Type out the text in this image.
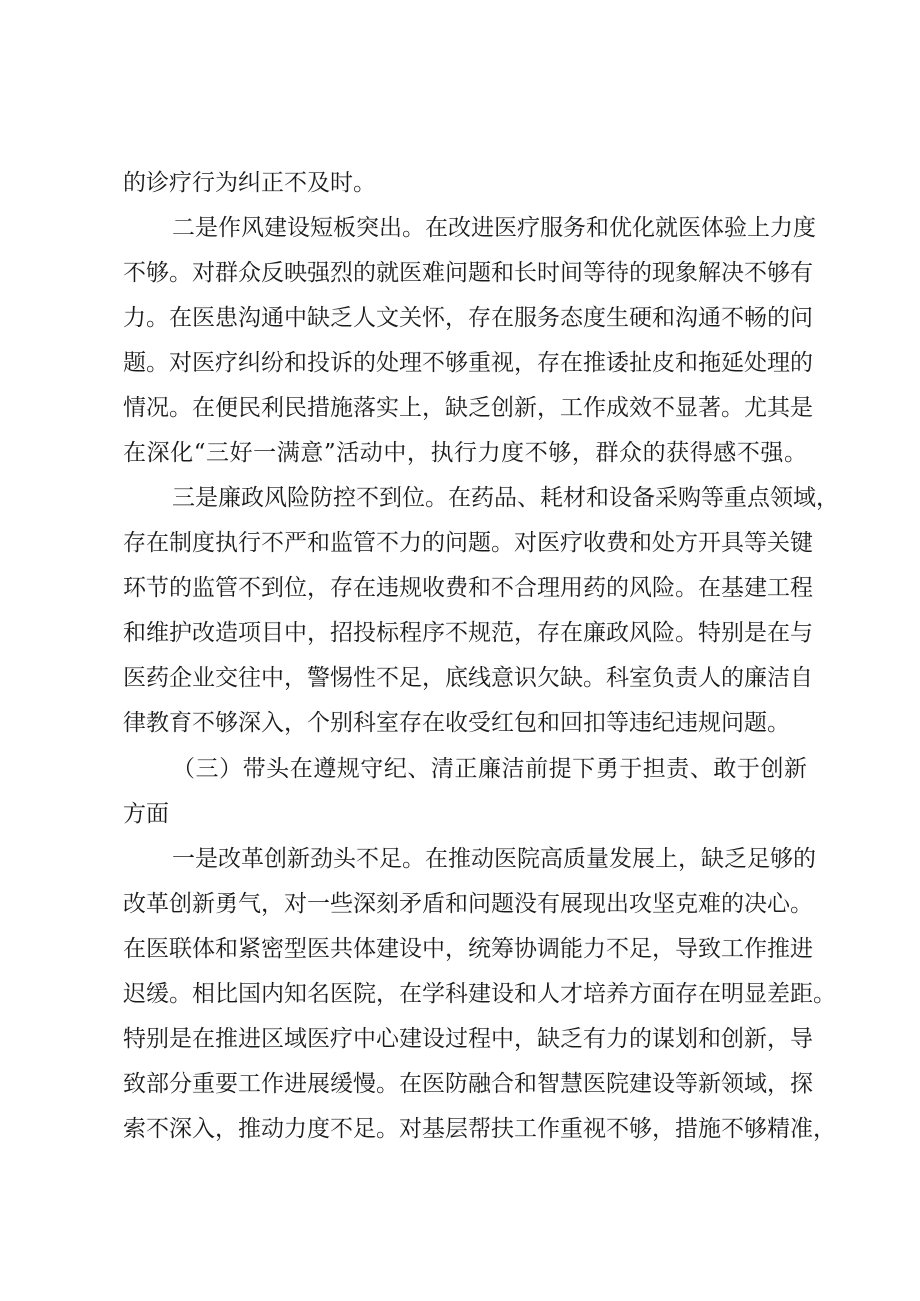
的诊疗行为纠正不及时。
二是作风建设短板突出。在改进医疗服务和优化就医体验上力度
不够。对群众反映强烈的就医难问题和长时间等待的现象解决不够有
力。在医患沟通中缺乏人文关怀，存在服务态度生硬和沟通不畅的问
题。对医疗纠纷和投诉的处理不够重视，存在推诿扯皮和拖延处理的
情况。在便民利民措施落实上，缺乏创新，工作成效不显著。尤其是
在深化“三好一满意”活动中，执行力度不够，群众的获得感不强。
三是廉政风险防控不到位。在药品、耗材和设备采购等重点领域，
存在制度执行不严和监管不力的问题。对医疗收费和处方开具等关键
环节的监管不到位，存在违规收费和不合理用药的风险。在基建工程
和维护改造项目中，招投标程序不规范，存在廉政风险。特别是在与
医药企业交往中，警惕性不足，底线意识欠缺。科室负责人的廉洁自
律教育不够深入，个别科室存在收受红包和回扣等违纪违规问题。
（三）带头在遵规守纪、清正廉洁前提下勇于担责、敢于创新
方面
一是改革创新劲头不足。在推动医院高质量发展上，缺乏足够的
改革创新勇气，对一些深刻矛盾和问题没有展现出攻坚克难的决心。
在医联体和紧密型医共体建设中，统筹协调能力不足，导致工作推进
迟缓。相比国内知名医院，在学科建设和人才培养方面存在明显差距。
特别是在推进区域医疗中心建设过程中，缺乏有力的谋划和创新，导
致部分重要工作进展缓慢。在医防融合和智慧医院建设等新领域，探
索不深入，推动力度不足。对基层帮扶工作重视不够，措施不够精准，
